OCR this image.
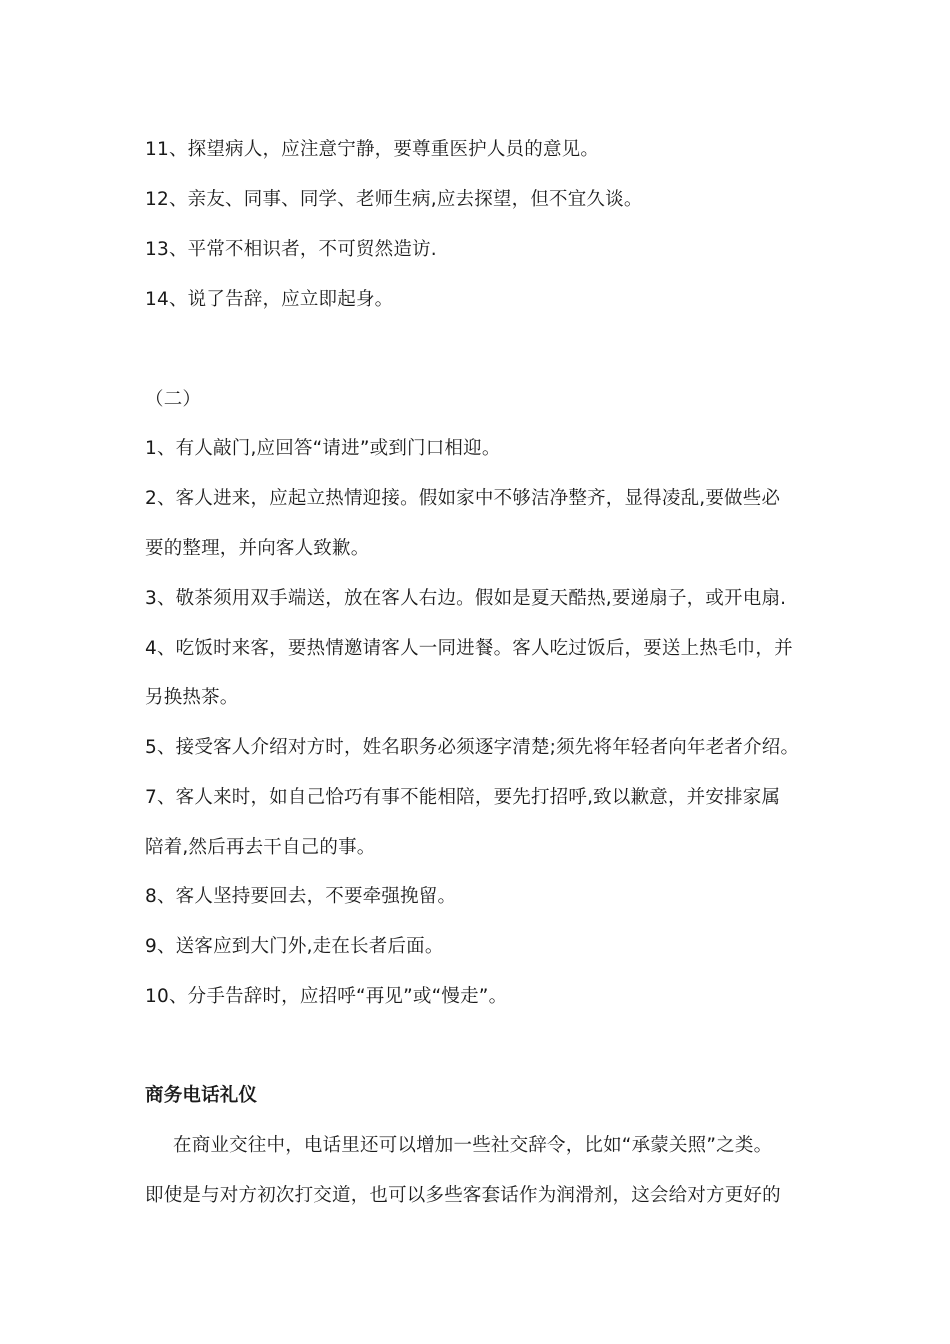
11、探望病人，应注意宁静，要尊重医护人员的意见。
12、亲友、同事、同学、老师生病,应去探望，但不宜久谈。
13、平常不相识者，不可贸然造访.
14、说了告辞，应立即起身。
（二）
1、有人敲门,应回答“请进”或到门口相迎。
2、客人进来，应起立热情迎接。假如家中不够洁净整齐，显得凌乱,要做些必
要的整理，并向客人致歉。
3、敬茶须用双手端送，放在客人右边。假如是夏天酷热,要递扇子，或开电扇.
4、吃饭时来客，要热情邀请客人一同进餐。客人吃过饭后，要送上热毛巾，并
另换热茶。
5、接受客人介绍对方时，姓名职务必须逐字清楚;须先将年轻者向年老者介绍。
7、客人来时，如自己恰巧有事不能相陪，要先打招呼,致以歉意，并安排家属
陪着,然后再去干自己的事。
8、客人坚持要回去，不要牵强挽留。
9、送客应到大门外,走在长者后面。
10、分手告辞时，应招呼“再见”或“慢走”。
商务电话礼仪
在商业交往中，电话里还可以增加一些社交辞令，比如“承蒙关照”之类。
即使是与对方初次打交道，也可以多些客套话作为润滑剂，这会给对方更好的
